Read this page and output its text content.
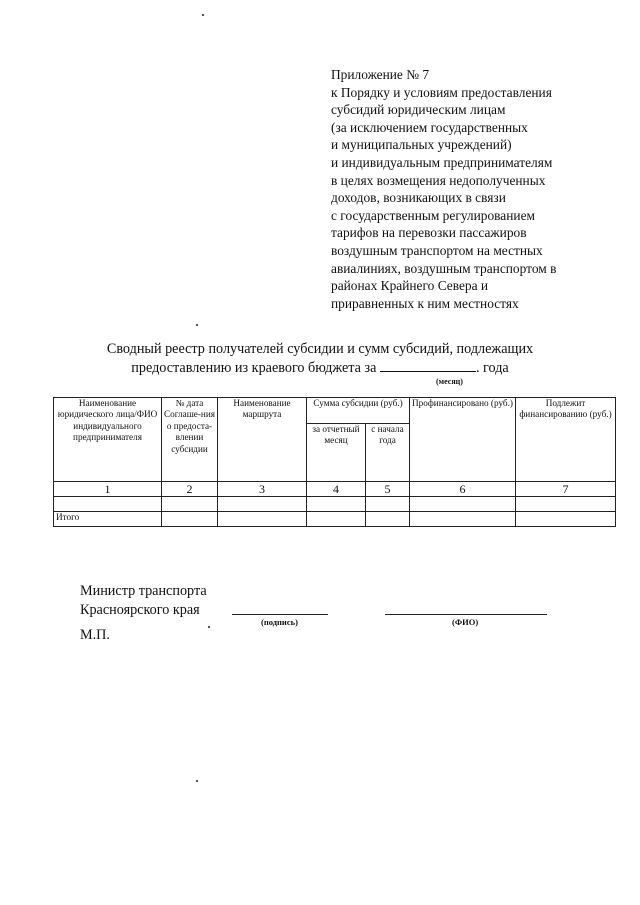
Приложение № 7
к Порядку и условиям предоставления
субсидий юридическим лицам
(за исключением государственных
и муниципальных учреждений)
и индивидуальным предпринимателям
в целях возмещения недополученных
доходов, возникающих в связи
с государственным регулированием
тарифов на перевозки пассажиров
воздушным транспортом на местных
авиалиниях, воздушным транспортом в
районах Крайнего Севера и
приравненных к ним местностях
Сводный реестр получателей субсидии и сумм субсидий, подлежащих
предоставлению из краевого бюджета за	. года
(месяц)
Наименование юридического лица/ФИО индивидуального предпринимателя	№ дата Соглаше-ния о предоста-влении субсидии	Наименование маршрута	Сумма субсидии (руб.)		Профинансировано (руб.)	Подлежит финансированию (руб.)
			за отчетный месяц	с начала года		
1	2	3	4	5	6	7

Итого						
Министр транспорта
Красноярского края
(подпись)	(ФИО)
М.П.
